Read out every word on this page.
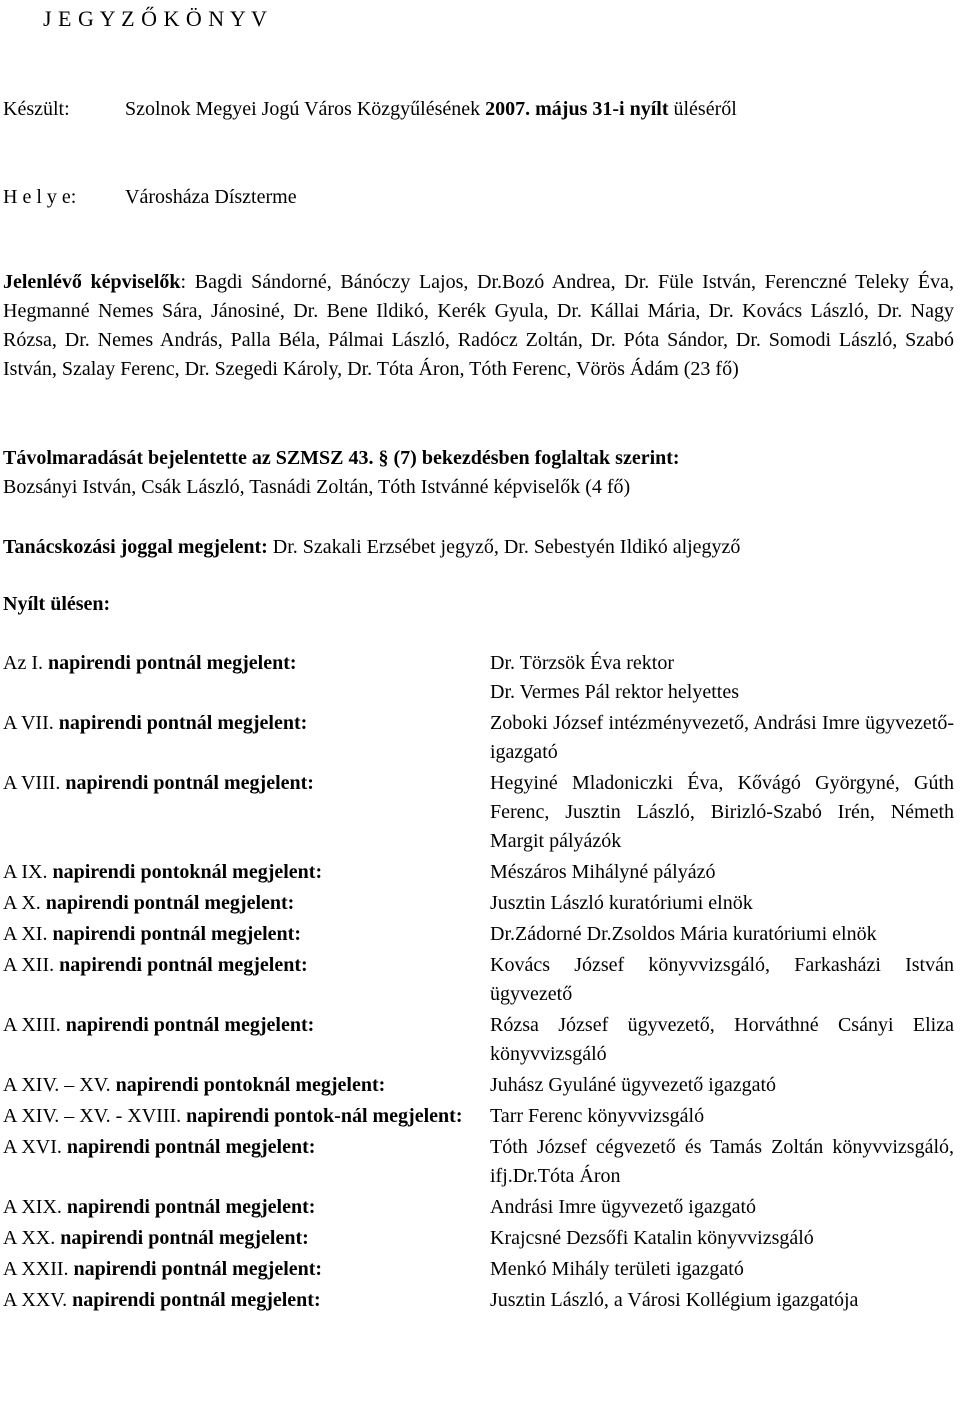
J E G Y Z Ő K Ö N Y V
Készült:	Szolnok Megyei Jogú Város Közgyűlésének 2007. május 31-i nyílt üléséről
H e l y e: Városháza Díszterme
Jelenlévő képviselők: Bagdi Sándorné, Bánóczy Lajos, Dr.Bozó Andrea, Dr. Füle István, Ferenczné Teleky Éva, Hegmanné Nemes Sára, Jánosiné, Dr. Bene Ildikó, Kerék Gyula, Dr. Kállai Mária, Dr. Kovács László, Dr. Nagy Rózsa, Dr. Nemes András, Palla Béla, Pálmai László, Radócz Zoltán, Dr. Póta Sándor, Dr. Somodi László, Szabó István, Szalay Ferenc, Dr. Szegedi Károly, Dr. Tóta Áron, Tóth Ferenc, Vörös Ádám (23 fő)
Távolmaradását bejelentette az SZMSZ 43. § (7) bekezdésben foglaltak szerint:
Bozsányi István, Csák László, Tasnádi Zoltán, Tóth Istvánné képviselők (4 fő)
Tanácskozási joggal megjelent: Dr. Szakali Erzsébet jegyző, Dr. Sebestyén Ildikó aljegyző
Nyílt ülésen:
Az I. napirendi pontnál megjelent:	Dr. Törzsök Éva rektor
Dr. Vermes Pál rektor helyettes
A VII. napirendi pontnál megjelent:	Zoboki József intézményvezető, Andrási Imre ügyvezető-igazgató
A VIII. napirendi pontnál megjelent:	Hegyiné Mladoniczki Éva, Kővágó Györgyné, Gúth Ferenc, Jusztin László, Birizló-Szabó Irén, Németh Margit pályázók
A IX. napirendi pontoknál megjelent:	Mészáros Mihályné pályázó
A X. napirendi pontnál megjelent:	Jusztin László kuratóriumi elnök
A XI. napirendi pontnál megjelent:	Dr.Zádorné Dr.Zsoldos Mária kuratóriumi elnök
A XII. napirendi pontnál megjelent:	Kovács József könyvvizsgáló, Farkasházi István ügyvezető
A XIII. napirendi pontnál megjelent:	Rózsa József ügyvezető, Horváthné Csányi Eliza könyvvizsgáló
A XIV. – XV. napirendi pontoknál megjelent:	Juhász Gyuláné ügyvezető igazgató
A XIV. – XV. - XVIII. napirendi pontok-nál megjelent:	Tarr Ferenc könyvvizsgáló
A XVI. napirendi pontnál megjelent:	Tóth József cégvezető és Tamás Zoltán könyvvizsgáló, ifj.Dr.Tóta Áron
A XIX. napirendi pontnál megjelent:	Andrási Imre ügyvezető igazgató
A XX. napirendi pontnál megjelent:	Krajcsné Dezsőfi Katalin könyvvizsgáló
A XXII. napirendi pontnál megjelent:	Menkó Mihály területi igazgató
A XXV. napirendi pontnál megjelent:	Jusztin László, a Városi Kollégium igazgatója
